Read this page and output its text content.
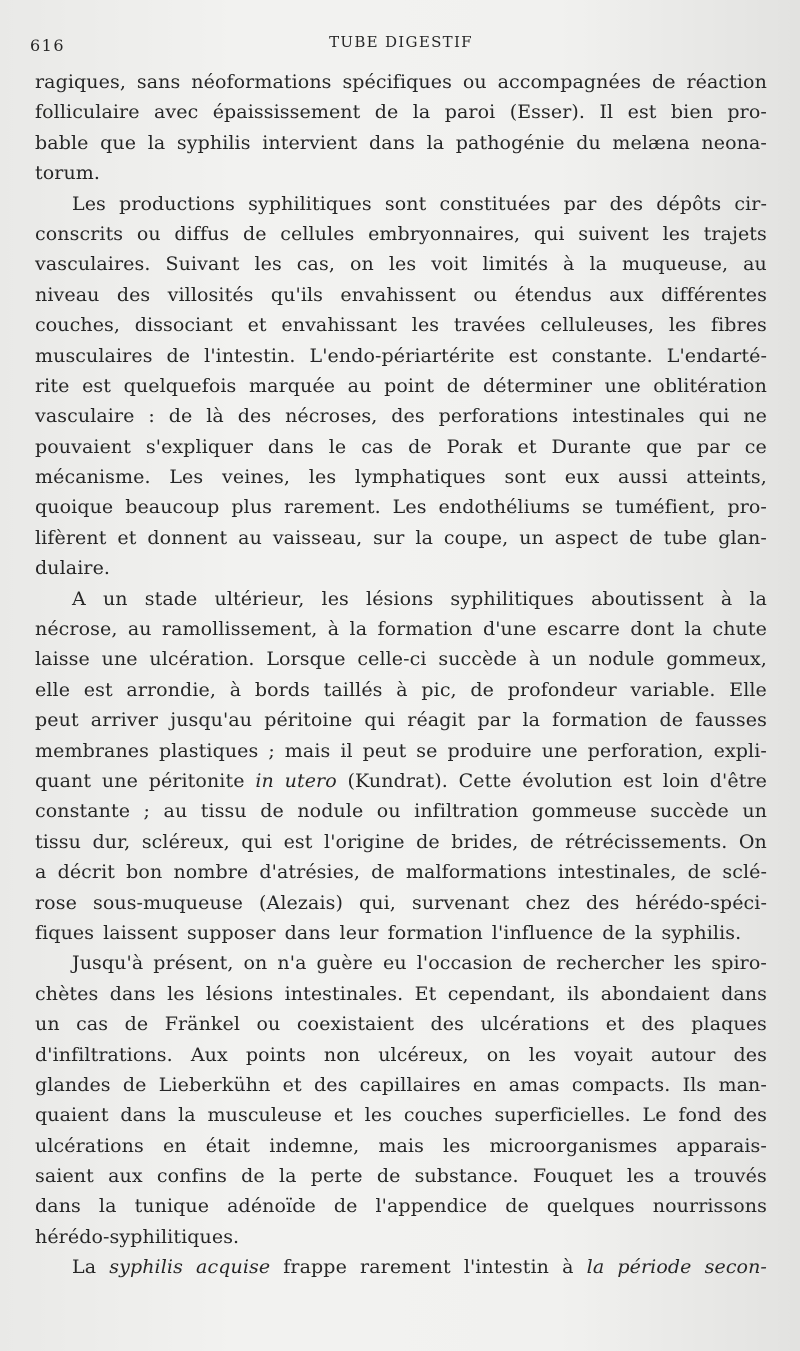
616	TUBE DIGESTIF
ragiques, sans néoformations spécifiques ou accompagnées de réaction
folliculaire avec épaississement de la paroi (Esser). Il est bien pro-
bable que la syphilis intervient dans la pathogénie du melæna neona-
torum.
Les productions syphilitiques sont constituées par des dépôts cir-
conscrits ou diffus de cellules embryonnaires, qui suivent les trajets
vasculaires. Suivant les cas, on les voit limités à la muqueuse, au
niveau des villosités qu'ils envahissent ou étendus aux différentes
couches, dissociant et envahissant les travées celluleuses, les fibres
musculaires de l'intestin. L'endo-périartérite est constante. L'endarté-
rite est quelquefois marquée au point de déterminer une oblitération
vasculaire : de là des nécroses, des perforations intestinales qui ne
pouvaient s'expliquer dans le cas de Porak et Durante que par ce
mécanisme. Les veines, les lymphatiques sont eux aussi atteints,
quoique beaucoup plus rarement. Les endothéliums se tuméfient, pro-
lifèrent et donnent au vaisseau, sur la coupe, un aspect de tube glan-
dulaire.
A un stade ultérieur, les lésions syphilitiques aboutissent à la
nécrose, au ramollissement, à la formation d'une escarre dont la chute
laisse une ulcération. Lorsque celle-ci succède à un nodule gommeux,
elle est arrondie, à bords taillés à pic, de profondeur variable. Elle
peut arriver jusqu'au péritoine qui réagit par la formation de fausses
membranes plastiques ; mais il peut se produire une perforation, expli-
quant une péritonite in utero (Kundrat). Cette évolution est loin d'être
constante ; au tissu de nodule ou infiltration gommeuse succède un
tissu dur, scléreux, qui est l'origine de brides, de rétrécissements. On
a décrit bon nombre d'atrésies, de malformations intestinales, de sclé-
rose sous-muqueuse (Alezais) qui, survenant chez des hérédo-spéci-
fiques laissent supposer dans leur formation l'influence de la syphilis.
Jusqu'à présent, on n'a guère eu l'occasion de rechercher les spiro-
chètes dans les lésions intestinales. Et cependant, ils abondaient dans
un cas de Fränkel ou coexistaient des ulcérations et des plaques
d'infiltrations. Aux points non ulcéreux, on les voyait autour des
glandes de Lieberkühn et des capillaires en amas compacts. Ils man-
quaient dans la musculeuse et les couches superficielles. Le fond des
ulcérations en était indemne, mais les microorganismes apparais-
saient aux confins de la perte de substance. Fouquet les a trouvés
dans la tunique adénoïde de l'appendice de quelques nourrissons
hérédo-syphilitiques.
La syphilis acquise frappe rarement l'intestin à la période secon-
